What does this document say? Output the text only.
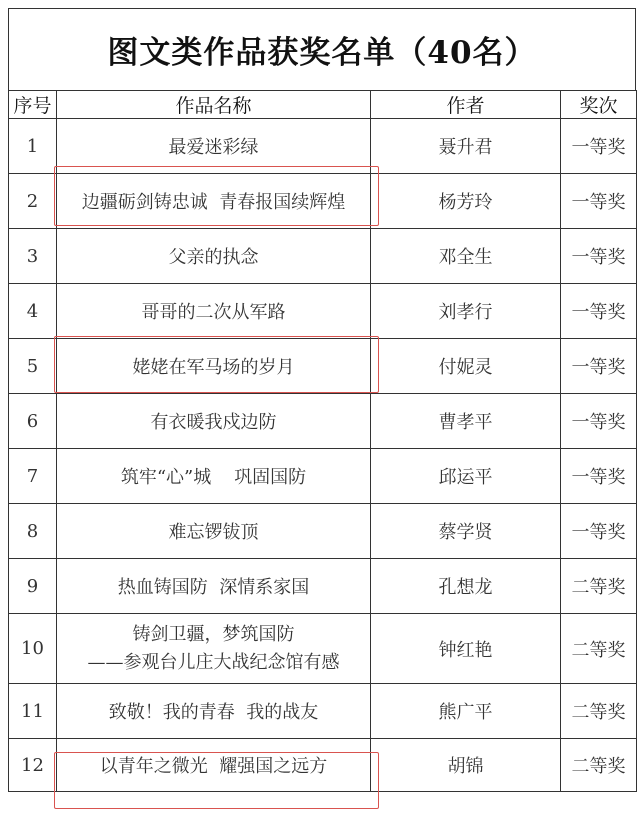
图文类作品获奖名单（40名）
序号	作品名称	作者	奖次
1	最爱迷彩绿	聂升君	一等奖
2	边疆砺剑铸忠诚  青春报国续辉煌	杨芳玲	一等奖
3	父亲的执念	邓全生	一等奖
4	哥哥的二次从军路	刘孝行	一等奖
5	姥姥在军马场的岁月	付妮灵	一等奖
6	有衣暖我戍边防	曹孝平	一等奖
7	筑牢“心”城    巩固国防	邱运平	一等奖
8	难忘锣钹顶	蔡学贤	一等奖
9	热血铸国防  深情系家国	孔想龙	二等奖
10	铸剑卫疆，梦筑国防
——参观台儿庄大战纪念馆有感	钟红艳	二等奖
11	致敬！我的青春  我的战友	熊广平	二等奖
12	以青年之微光  耀强国之远方	胡锦	二等奖
